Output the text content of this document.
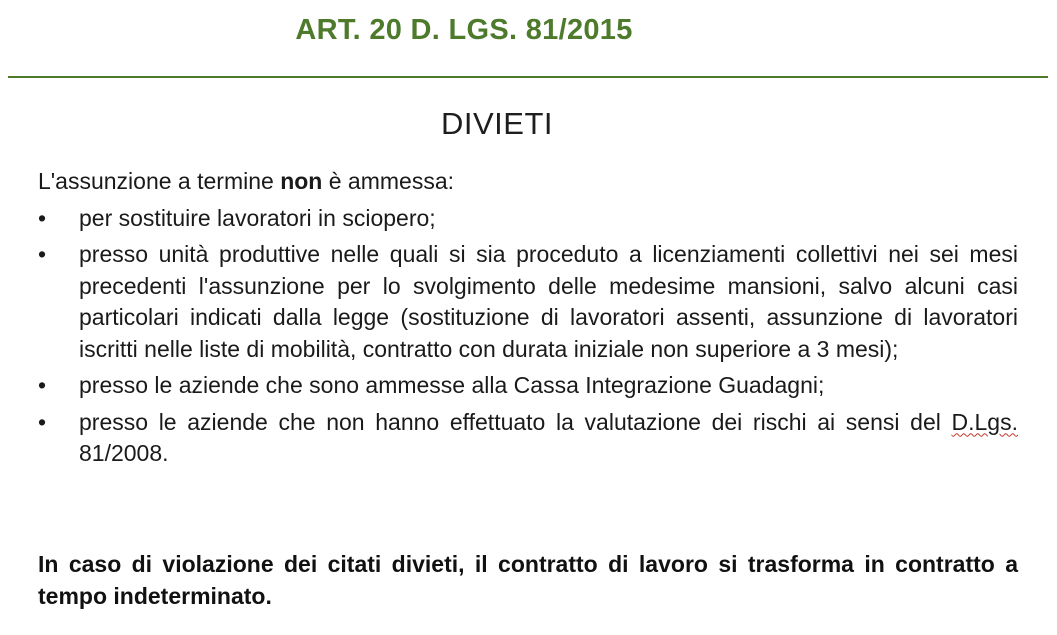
ART. 20 D. LGS. 81/2015
DIVIETI

L'assunzione a termine non è ammessa:

• per sostituire lavoratori in sciopero;
• presso unità produttive nelle quali si sia proceduto a licenziamenti collettivi nei sei mesi precedenti l'assunzione per lo svolgimento delle medesime mansioni, salvo alcuni casi particolari indicati dalla legge (sostituzione di lavoratori assenti, assunzione di lavoratori iscritti nelle liste di mobilità, contratto con durata iniziale non superiore a 3 mesi);
• presso le aziende che sono ammesse alla Cassa Integrazione Guadagni;
• presso le aziende che non hanno effettuato la valutazione dei rischi ai sensi del D.Lgs. 81/2008.
In caso di violazione dei citati divieti, il contratto di lavoro si trasforma in contratto a tempo indeterminato.
